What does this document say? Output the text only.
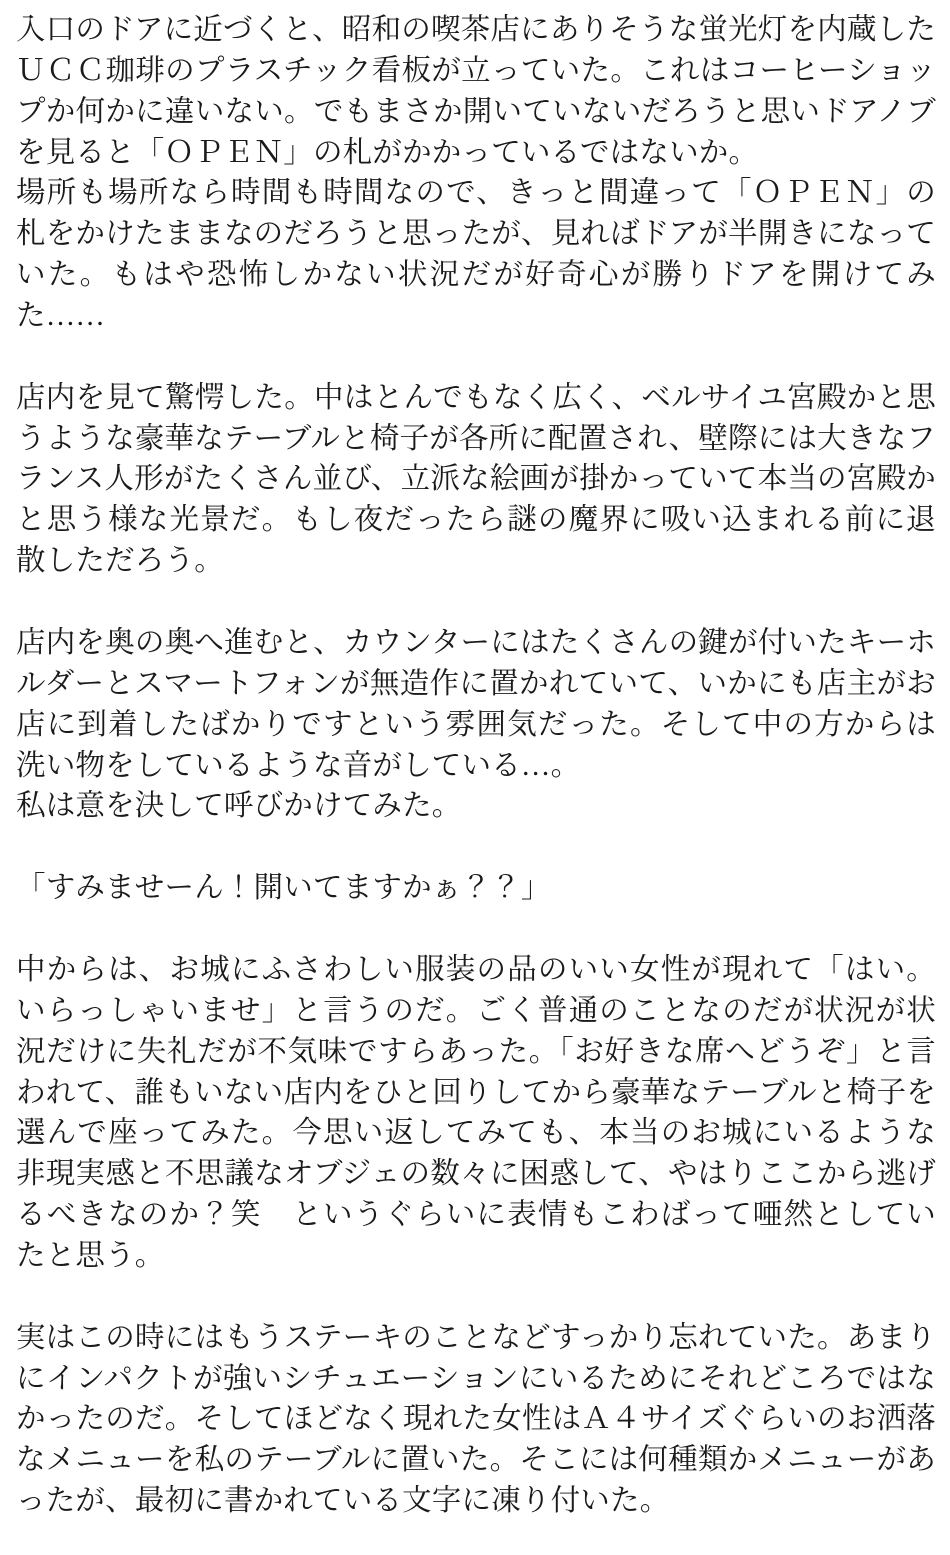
入口のドアに近づくと、昭和の喫茶店にありそうな蛍光灯を内蔵したＵＣＣ珈琲のプラスチック看板が立っていた。これはコーヒーショップか何かに違いない。でもまさか開いていないだろうと思いドアノブを見ると「ＯＰＥＮ」の札がかかっているではないか。

場所も場所なら時間も時間なので、きっと間違って「ＯＰＥＮ」の札をかけたままなのだろうと思ったが、見ればドアが半開きになっていた。もはや恐怖しかない状況だが好奇心が勝りドアを開けてみた……

店内を見て驚愕した。中はとんでもなく広く、ベルサイユ宮殿かと思うような豪華なテーブルと椅子が各所に配置され、壁際には大きなフランス人形がたくさん並び、立派な絵画が掛かっていて本当の宮殿かと思う様な光景だ。もし夜だったら謎の魔界に吸い込まれる前に退散しただろう。

店内を奥の奥へ進むと、カウンターにはたくさんの鍵が付いたキーホルダーとスマートフォンが無造作に置かれていて、いかにも店主がお店に到着したばかりですという雰囲気だった。そして中の方からは洗い物をしているような音がしている…。

私は意を決して呼びかけてみた。

「すみませーん！開いてますかぁ？？」

中からは、お城にふさわしい服装の品のいい女性が現れて「はい。いらっしゃいませ」と言うのだ。ごく普通のことなのだが状況が状況だけに失礼だが不気味ですらあった。「お好きな席へどうぞ」と言われて、誰もいない店内をひと回りしてから豪華なテーブルと椅子を選んで座ってみた。今思い返してみても、本当のお城にいるような非現実感と不思議なオブジェの数々に困惑して、やはりここから逃げるべきなのか？笑　というぐらいに表情もこわばって唖然としていたと思う。

実はこの時にはもうステーキのことなどすっかり忘れていた。あまりにインパクトが強いシチュエーションにいるためにそれどころではなかったのだ。そしてほどなく現れた女性はＡ４サイズぐらいのお洒落なメニューを私のテーブルに置いた。そこには何種類かメニューがあったが、最初に書かれている文字に凍り付いた。
